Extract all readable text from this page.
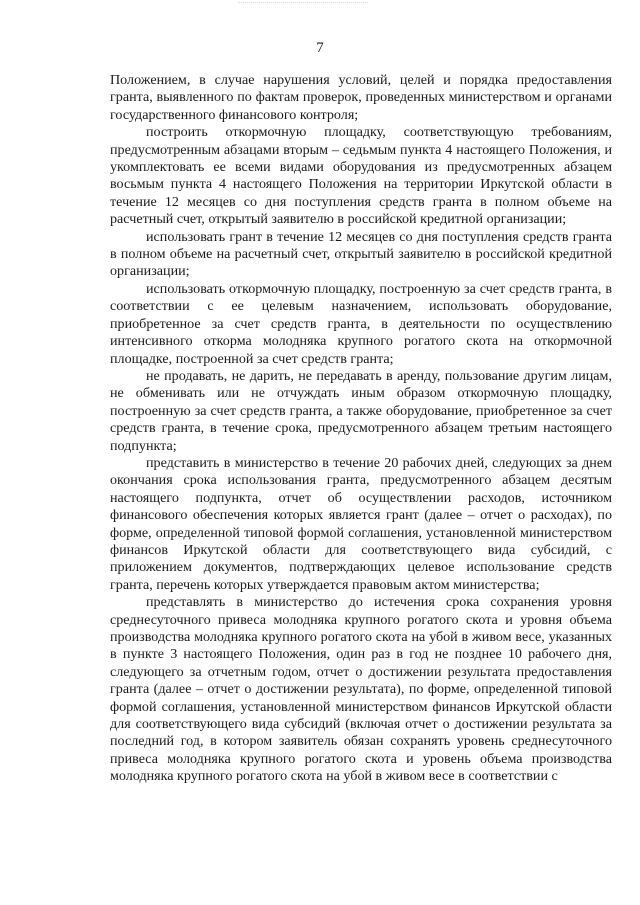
7

Положением, в случае нарушения условий, целей и порядка предоставления гранта, выявленного по фактам проверок, проведенных министерством и органами государственного финансового контроля;

построить откормочную площадку, соответствующую требованиям, предусмотренным абзацами вторым – седьмым пункта 4 настоящего Положения, и укомплектовать ее всеми видами оборудования из предусмотренных абзацем восьмым пункта 4 настоящего Положения на территории Иркутской области в течение 12 месяцев со дня поступления средств гранта в полном объеме на расчетный счет, открытый заявителю в российской кредитной организации;

использовать грант в течение 12 месяцев со дня поступления средств гранта в полном объеме на расчетный счет, открытый заявителю в российской кредитной организации;

использовать откормочную площадку, построенную за счет средств гранта, в соответствии с ее целевым назначением, использовать оборудование, приобретенное за счет средств гранта, в деятельности по осуществлению интенсивного откорма молодняка крупного рогатого скота на откормочной площадке, построенной за счет средств гранта;

не продавать, не дарить, не передавать в аренду, пользование другим лицам, не обменивать или не отчуждать иным образом откормочную площадку, построенную за счет средств гранта, а также оборудование, приобретенное за счет средств гранта, в течение срока, предусмотренного абзацем третьим настоящего подпункта;

представить в министерство в течение 20 рабочих дней, следующих за днем окончания срока использования гранта, предусмотренного абзацем десятым настоящего подпункта, отчет об осуществлении расходов, источником финансового обеспечения которых является грант (далее – отчет о расходах), по форме, определенной типовой формой соглашения, установленной министерством финансов Иркутской области для соответствующего вида субсидий, с приложением документов, подтверждающих целевое использование средств гранта, перечень которых утверждается правовым актом министерства;

представлять в министерство до истечения срока сохранения уровня среднесуточного привеса молодняка крупного рогатого скота и уровня объема производства молодняка крупного рогатого скота на убой в живом весе, указанных в пункте 3 настоящего Положения, один раз в год не позднее 10 рабочего дня, следующего за отчетным годом, отчет о достижении результата предоставления гранта (далее – отчет о достижении результата), по форме, определенной типовой формой соглашения, установленной министерством финансов Иркутской области для соответствующего вида субсидий (включая отчет о достижении результата за последний год, в котором заявитель обязан сохранять уровень среднесуточного привеса молодняка крупного рогатого скота и уровень объема производства молодняка крупного рогатого скота на убой в живом весе в соответствии с
